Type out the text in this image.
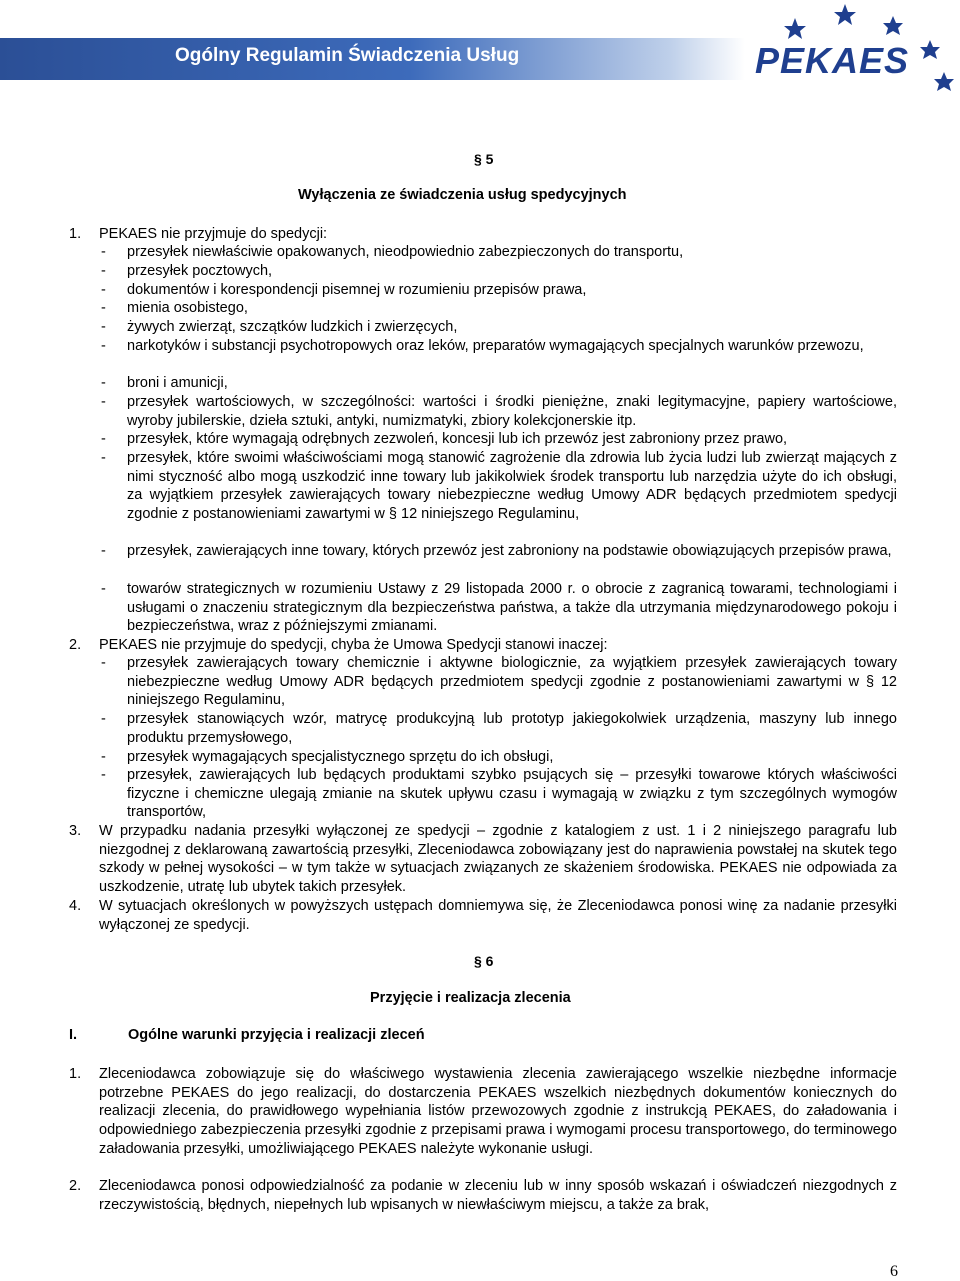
Ogólny Regulamin Świadczenia Usług	PEKAES
§ 5
Wyłączenia ze świadczenia usług spedycyjnych
1. PEKAES nie przyjmuje do spedycji:
- przesyłek niewłaściwie opakowanych, nieodpowiednio zabezpieczonych do transportu,
- przesyłek pocztowych,
- dokumentów i korespondencji pisemnej w rozumieniu przepisów prawa,
- mienia osobistego,
- żywych zwierząt, szczątków ludzkich i zwierzęcych,
- narkotyków i substancji psychotropowych oraz leków, preparatów wymagających specjalnych warunków przewozu,
- broni i amunicji,
- przesyłek wartościowych, w szczególności: wartości i środki pieniężne, znaki legitymacyjne, papiery wartościowe, wyroby jubilerskie, dzieła sztuki, antyki, numizmatyki, zbiory kolekcjonerskie itp.
- przesyłek, które wymagają odrębnych zezwoleń, koncesji lub ich przewóz jest zabroniony przez prawo,
- przesyłek, które swoimi właściwościami mogą stanowić zagrożenie dla zdrowia lub życia ludzi lub zwierząt mających z nimi styczność albo mogą uszkodzić inne towary lub jakikolwiek środek transportu lub narzędzia użyte do ich obsługi, za wyjątkiem przesyłek zawierających towary niebezpieczne według Umowy ADR będących przedmiotem spedycji zgodnie z postanowieniami zawartymi w § 12 niniejszego Regulaminu,
- przesyłek, zawierających inne towary, których przewóz jest zabroniony na podstawie obowiązujących przepisów prawa,
- towarów strategicznych w rozumieniu Ustawy z 29 listopada 2000 r. o obrocie z zagranicą towarami, technologiami i usługami o znaczeniu strategicznym dla bezpieczeństwa państwa, a także dla utrzymania międzynarodowego pokoju i bezpieczeństwa, wraz z późniejszymi zmianami.
2. PEKAES nie przyjmuje do spedycji, chyba że Umowa Spedycji stanowi inaczej:
- przesyłek zawierających towary chemicznie i aktywne biologicznie, za wyjątkiem przesyłek zawierających towary niebezpieczne według Umowy ADR będących przedmiotem spedycji zgodnie z postanowieniami zawartymi w § 12 niniejszego Regulaminu,
- przesyłek stanowiących wzór, matrycę produkcyjną lub prototyp jakiegokolwiek urządzenia, maszyny lub innego produktu przemysłowego,
- przesyłek wymagających specjalistycznego sprzętu do ich obsługi,
- przesyłek, zawierających lub będących produktami szybko psujących się – przesyłki towarowe których właściwości fizyczne i chemiczne ulegają zmianie na skutek upływu czasu i wymagają w związku z tym szczególnych wymogów transportów,
3. W przypadku nadania przesyłki wyłączonej ze spedycji – zgodnie z katalogiem z ust. 1 i 2 niniejszego paragrafu lub niezgodnej z deklarowaną zawartością przesyłki, Zleceniodawca zobowiązany jest do naprawienia powstałej na skutek tego szkody w pełnej wysokości – w tym także w sytuacjach związanych ze skażeniem środowiska. PEKAES nie odpowiada za uszkodzenie, utratę lub ubytek takich przesyłek.
4. W sytuacjach określonych w powyższych ustępach domniemywa się, że Zleceniodawca ponosi winę za nadanie przesyłki wyłączonej ze spedycji.
§ 6
Przyjęcie i realizacja zlecenia
I.	Ogólne warunki przyjęcia i realizacji zleceń
1. Zleceniodawca zobowiązuje się do właściwego wystawienia zlecenia zawierającego wszelkie niezbędne informacje potrzebne PEKAES do jego realizacji, do dostarczenia PEKAES wszelkich niezbędnych dokumentów koniecznych do realizacji zlecenia, do prawidłowego wypełniania listów przewozowych zgodnie z instrukcją PEKAES, do załadowania i odpowiedniego zabezpieczenia przesyłki zgodnie z przepisami prawa i wymogami procesu transportowego, do terminowego załadowania przesyłki, umożliwiającego PEKAES należyte wykonanie usługi.
2. Zleceniodawca ponosi odpowiedzialność za podanie w zleceniu lub w inny sposób wskazań i oświadczeń niezgodnych z rzeczywistością, błędnych, niepełnych lub wpisanych w niewłaściwym miejscu, a także za brak,
6
